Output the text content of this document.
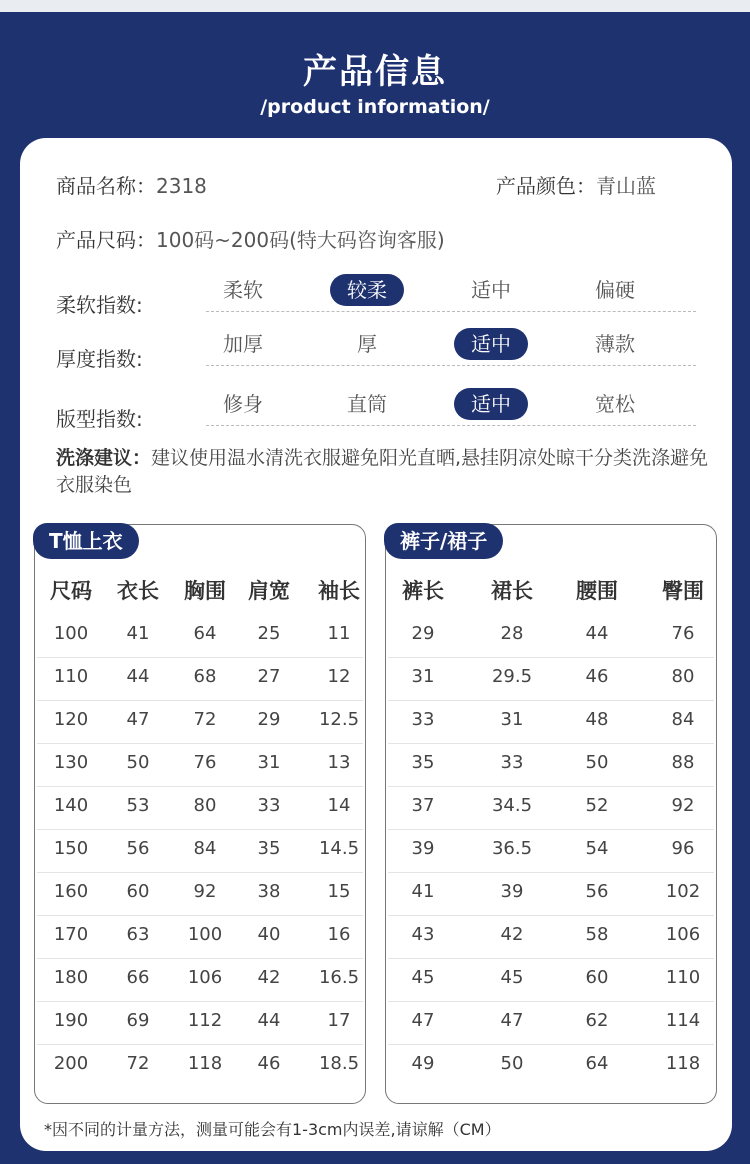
产品信息
/product information/
商品名称：2318	产品颜色：青山蓝
产品尺码：100码~200码(特大码咨询客服)
柔软指数:
柔软	较柔	适中	偏硬
厚度指数:
加厚	厚	适中	薄款
版型指数:
修身	直筒	适中	宽松
洗涤建议：建议使用温水清洗衣服避免阳光直晒,悬挂阴凉处晾干分类洗涤避免衣服染色
T恤上衣
尺码	衣长	胸围	肩宽	袖长
100	41	64	25	11
110	44	68	27	12
120	47	72	29	12.5
130	50	76	31	13
140	53	80	33	14
150	56	84	35	14.5
160	60	92	38	15
170	63	100	40	16
180	66	106	42	16.5
190	69	112	44	17
200	72	118	46	18.5
裤子/裙子
裤长	裙长	腰围	臀围
29	28	44	76
31	29.5	46	80
33	31	48	84
35	33	50	88
37	34.5	52	92
39	36.5	54	96
41	39	56	102
43	42	58	106
45	45	60	110
47	47	62	114
49	50	64	118
*因不同的计量方法，测量可能会有1-3cm内误差,请谅解（CM）
